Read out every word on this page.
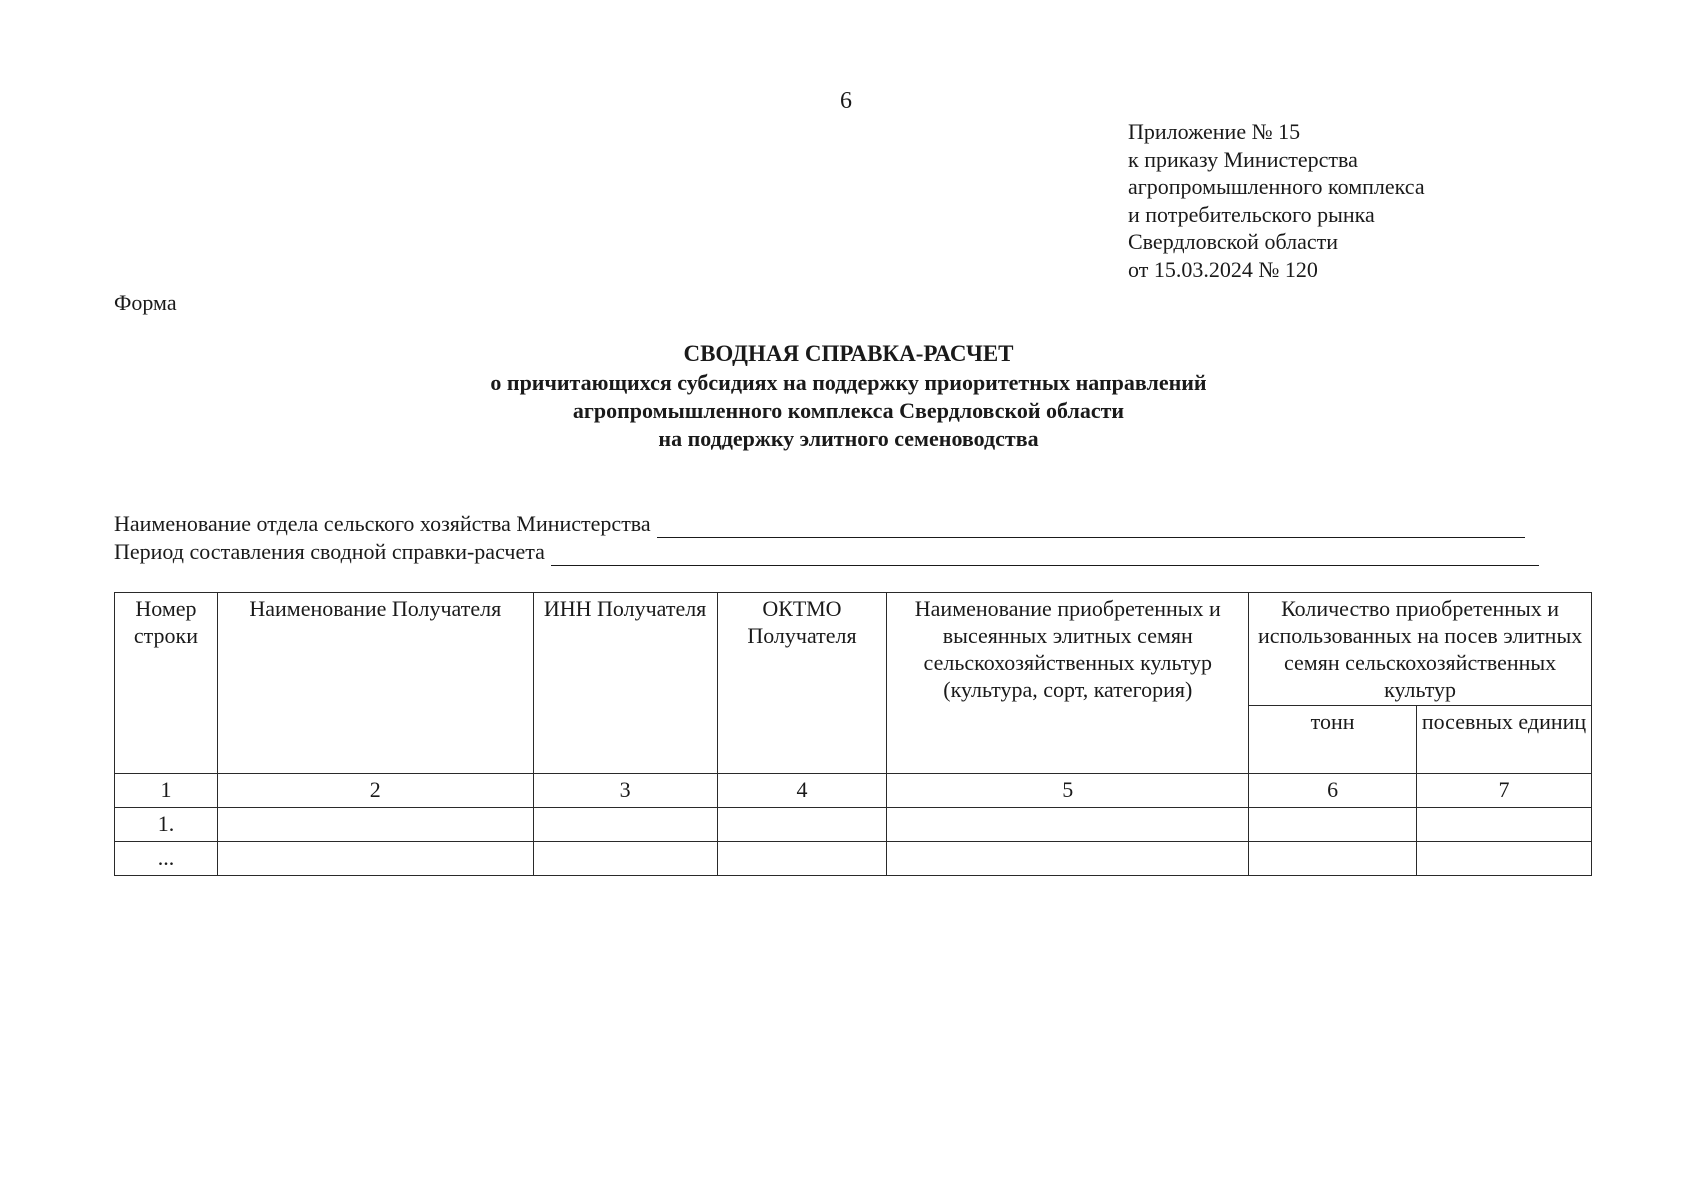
6
Приложение № 15
к приказу Министерства
агропромышленного комплекса
и потребительского рынка
Свердловской области
от 15.03.2024 № 120
Форма
СВОДНАЯ СПРАВКА-РАСЧЕТ
о причитающихся субсидиях на поддержку приоритетных направлений
агропромышленного комплекса Свердловской области
на поддержку элитного семеноводства
Наименование отдела сельского хозяйства Министерства
Период составления сводной справки-расчета
Номер строки	Наименование Получателя	ИНН Получателя	ОКТМО Получателя	Наименование приобретенных и высеянных элитных семян сельскохозяйственных культур (культура, сорт, категория)	Количество приобретенных и использованных на посев элитных семян сельскохозяйственных культур	
					тонн	посевных единиц
1	2	3	4	5	6	7
1.						
...						
